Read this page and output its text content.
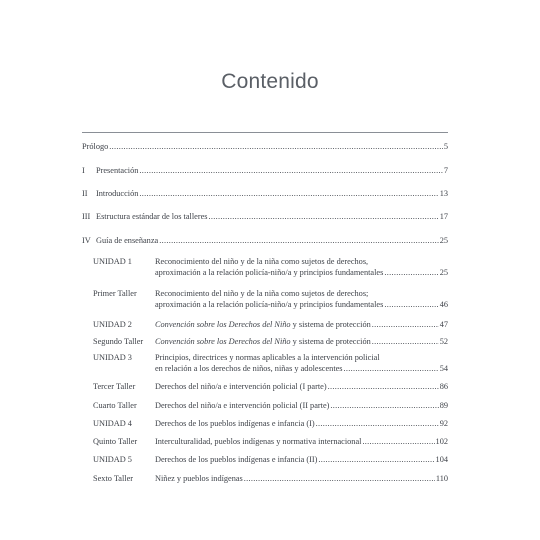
Contenido
Prólogo .....	5
I	Presentación .....	7
II	Introducción .....	13
III Estructura estándar de los talleres .....	17
IV Guía de enseñanza .....	25
UNIDAD 1	Reconocimiento del niño y de la niña como sujetos de derechos,
aproximación a la relación policía-niño/a y principios fundamentales .....	25
Primer Taller Reconocimiento del niño y de la niña como sujetos de derechos;
aproximación a la relación policía-niño/a y principios fundamentales .....	46
UNIDAD 2	Convención sobre los Derechos del Niño y sistema de protección .....	47
Segundo Taller Convención sobre los Derechos del Niño y sistema de protección .....	52
UNIDAD 3	Principios, directrices y normas aplicables a la intervención policial
en relación a los derechos de niños, niñas y adolescentes .....	54
Tercer Taller Derechos del niño/a e intervención policial (I parte) .....	86
Cuarto Taller Derechos del niño/a e intervención policial (II parte) .....	89
UNIDAD 4	Derechos de los pueblos indígenas e infancia (I) .....	92
Quinto Taller Interculturalidad, pueblos indígenas y normativa internacional .....	102
UNIDAD 5	Derechos de los pueblos indígenas e infancia (II) .....	104
Sexto Taller	Niñez y pueblos indígenas .....	110
